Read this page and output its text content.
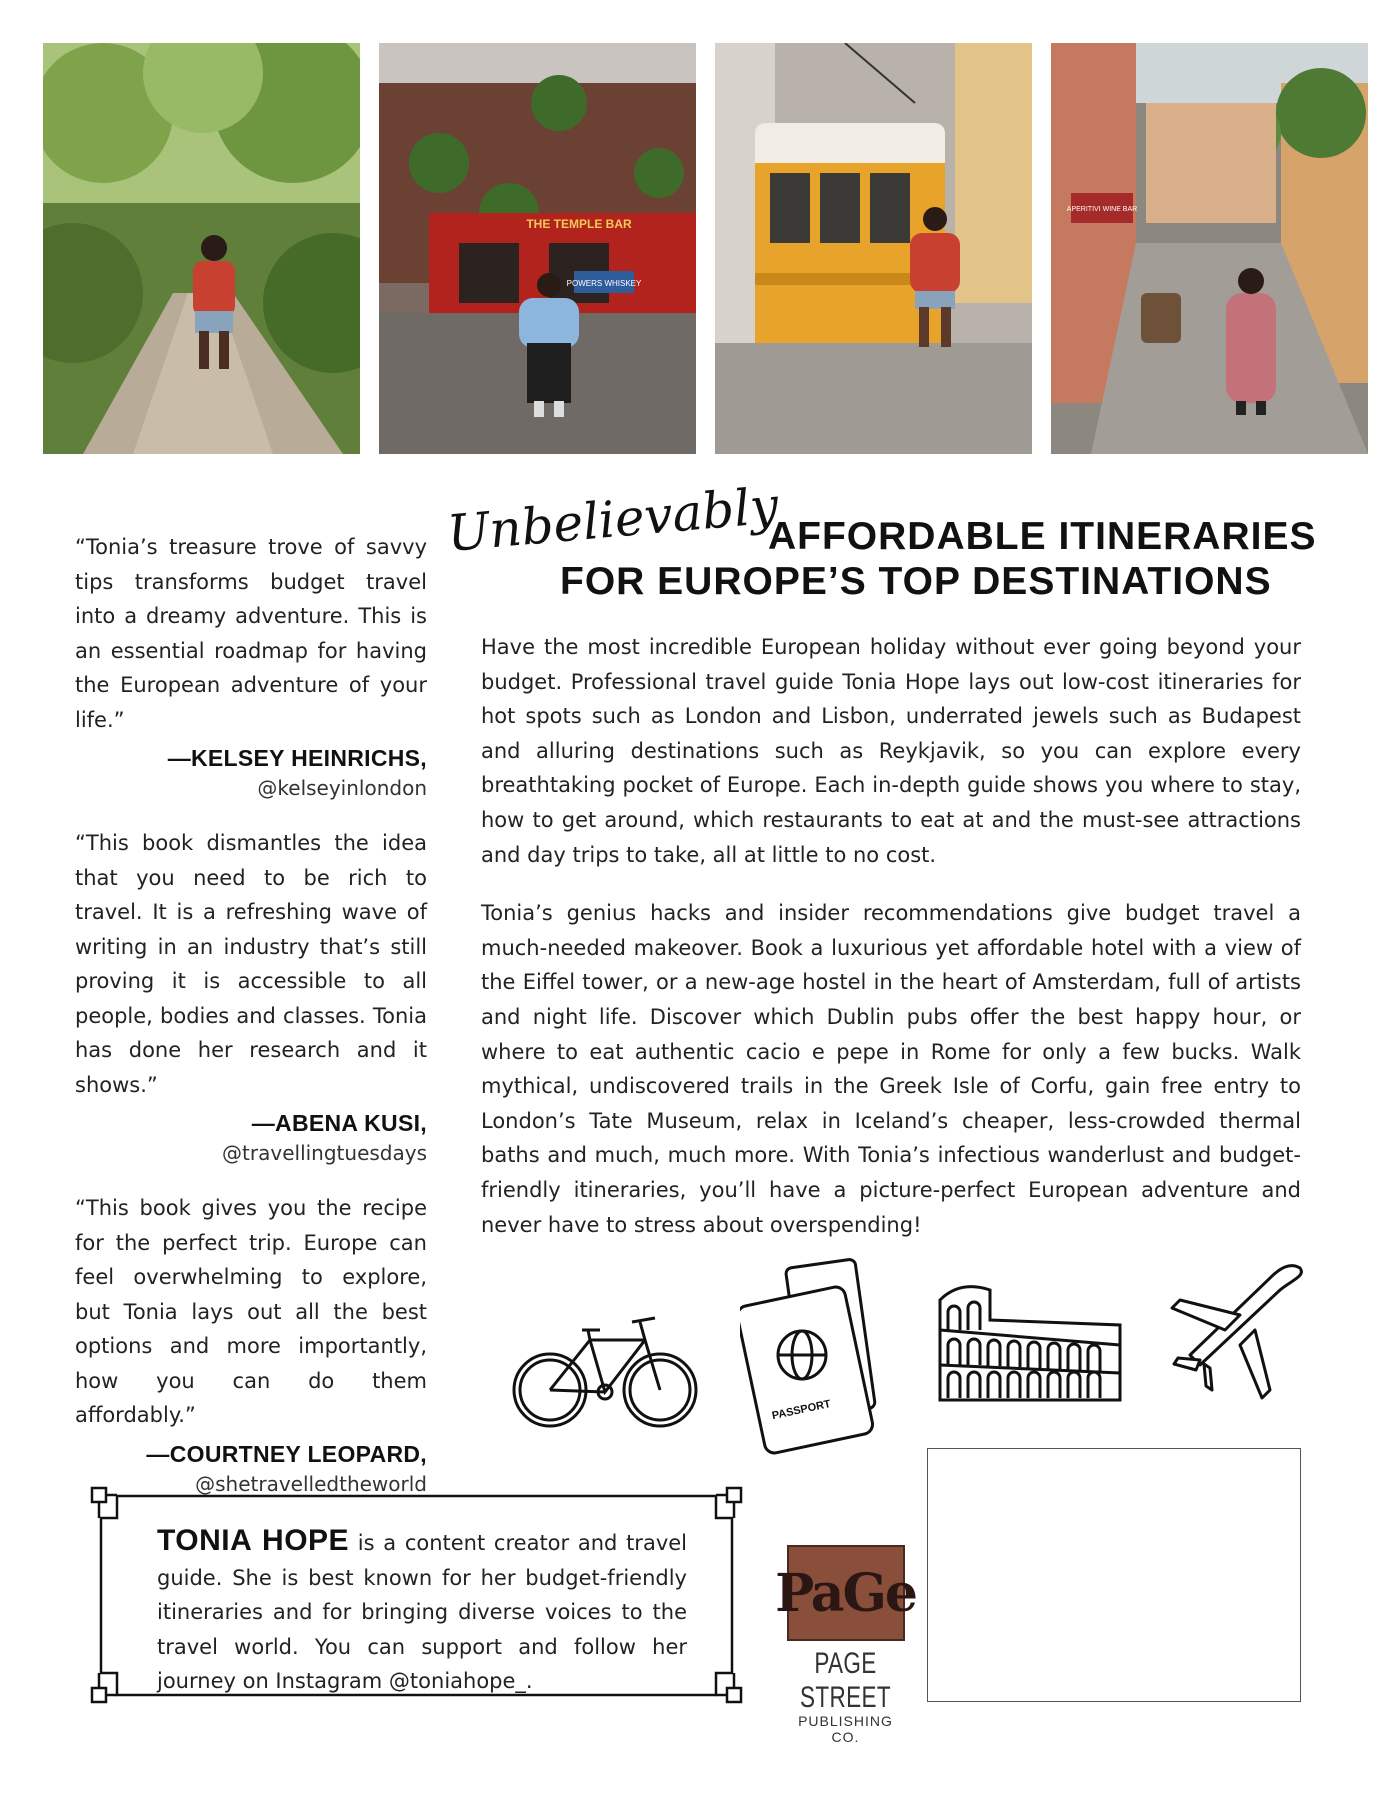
POWERS WHISKEY
THE TEMPLE BAR
APERITIVI WINE BAR

“Tonia’s treasure trove of savvy tips transforms budget travel into a dreamy adventure. This is an essential roadmap for having the European adventure of your life.”

—KELSEY HEINRICHS,
@kelseyinlondon

“This book dismantles the idea that you need to be rich to travel. It is a refreshing wave of writing in an industry that’s still proving it is accessible to all people, bodies and classes. Tonia has done her research and it shows.”

—ABENA KUSI,
@travellingtuesdays

“This book gives you the recipe for the perfect trip. Europe can feel overwhelming to explore, but Tonia lays out all the best options and more importantly, how you can do them affordably.”

—COURTNEY LEOPARD,
@shetravelledtheworld
Unbelievably
AFFORDABLE ITINERARIES
FOR EUROPE’S TOP DESTINATIONS

Have the most incredible European holiday without ever going beyond your budget. Professional travel guide Tonia Hope lays out low-cost itineraries for hot spots such as London and Lisbon, underrated jewels such as Budapest and alluring destinations such as Reykjavik, so you can explore every breathtaking pocket of Europe. Each in-depth guide shows you where to stay, how to get around, which restaurants to eat at and the must-see attractions and day trips to take, all at little to no cost.

Tonia’s genius hacks and insider recommendations give budget travel a much-needed makeover. Book a luxurious yet affordable hotel with a view of the Eiffel tower, or a new-age hostel in the heart of Amsterdam, full of artists and night life. Discover which Dublin pubs offer the best happy hour, or where to eat authentic cacio e pepe in Rome for only a few bucks. Walk mythical, undiscovered trails in the Greek Isle of Corfu, gain free entry to London’s Tate Museum, relax in Iceland’s cheaper, less-crowded thermal baths and much, much more. With Tonia’s infectious wanderlust and budget-friendly itineraries, you’ll have a picture-perfect European adventure and never have to stress about overspending!

PASSPORT

TONIA HOPE is a content creator and travel guide. She is best known for her budget-friendly itineraries and for bringing diverse voices to the travel world. You can support and follow her journey on Instagram @toniahope_.

PaGe
PAGE STREET
PUBLISHING CO.
